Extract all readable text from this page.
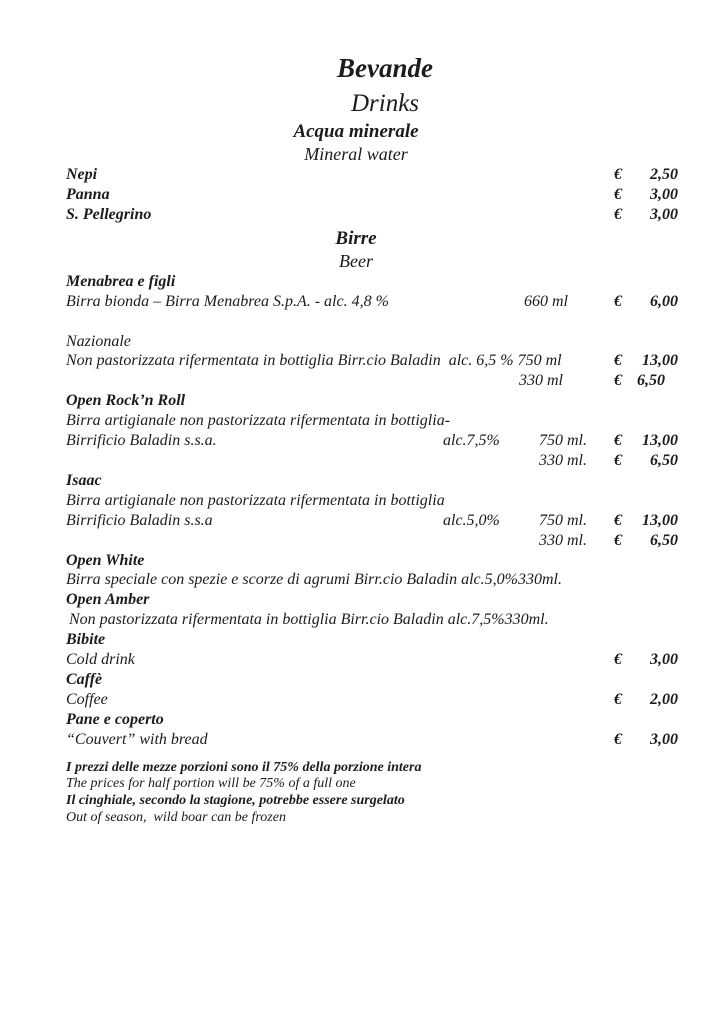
Bevande
Drinks
Acqua minerale
Mineral water
Nepi	€	2,50
Panna	€	3,00
S. Pellegrino	€	3,00
Birre
Beer
Menabrea e figli
Birra bionda – Birra Menabrea S.p.A. - alc. 4,8 %	660 ml	€	6,00
Nazionale
Non pastorizzata rifermentata in bottiglia Birr.cio Baladin  alc. 6,5 % 750 ml	€	13,00
330 ml	€ 6,50
Open Rock’n Roll
Birra artigianale non pastorizzata rifermentata in bottiglia-
Birrificio Baladin s.s.a.	alc.7,5%	750 ml.	€	13,00
330 ml.	€	6,50
Isaac
Birra artigianale non pastorizzata rifermentata in bottiglia
Birrificio Baladin s.s.a	alc.5,0%	750 ml.	€	13,00
330 ml.	€	6,50
Open White
Birra speciale con spezie e scorze di agrumi Birr.cio Baladin alc.5,0%330ml.
Open Amber
Non pastorizzata rifermentata in bottiglia Birr.cio Baladin alc.7,5%330ml.
Bibite
Cold drink	€	3,00
Caffè
Coffee	€	2,00
Pane e coperto
“Couvert” with bread	€	3,00
I prezzi delle mezze porzioni sono il 75% della porzione intera
The prices for half portion will be 75% of a full one
Il cinghiale, secondo la stagione, potrebbe essere surgelato
Out of season,  wild boar can be frozen
